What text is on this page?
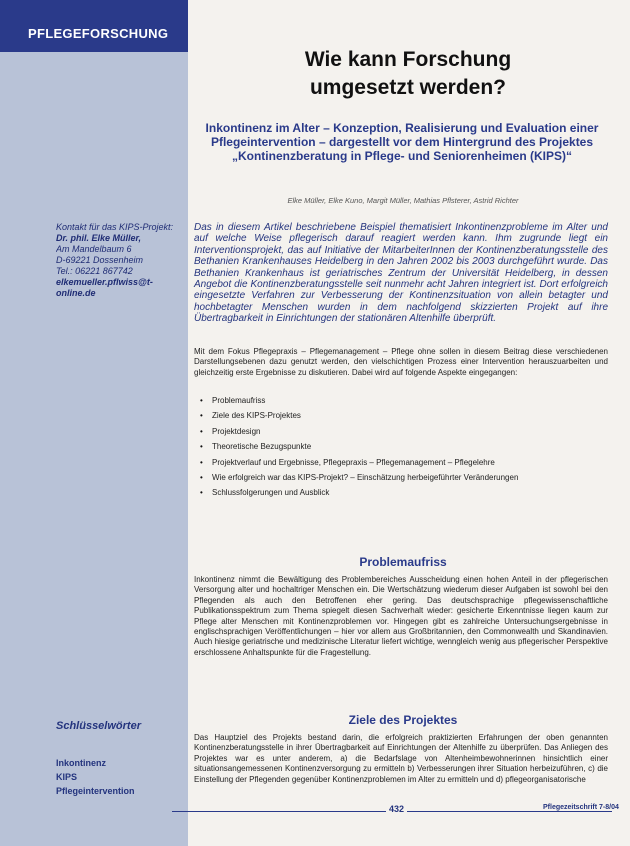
PFLEGEFORSCHUNG
Kontakt für das KIPS-Projekt:
Dr. phil. Elke Müller,
Am Mandelbaum 6
D-69221 Dossenheim
Tel.: 06221 867742
elkemueller.pflwiss@t-
online.de
Schlüsselwörter
Inkontinenz
KIPS
Pflegeintervention
Wie kann Forschung umgesetzt werden?
Inkontinenz im Alter – Konzeption, Realisierung und Evaluation einer Pflegeintervention – dargestellt vor dem Hintergrund des Projektes „Kontinenzberatung in Pflege- und Seniorenheimen (KIPS)“
Elke Müller, Elke Kuno, Margit Müller, Mathias Pflsterer, Astrid Richter
Das in diesem Artikel beschriebene Beispiel thematisiert Inkontinenzprobleme im Alter und auf welche Weise pflegerisch darauf reagiert werden kann. Ihm zugrunde liegt ein Interventionsprojekt, das auf Initiative der MitarbeiterInnen der Kontinenzberatungsstelle des Bethanien Krankenhauses Heidelberg in den Jahren 2002 bis 2003 durchgeführt wurde. Das Bethanien Krankenhaus ist geriatrisches Zentrum der Universität Heidelberg, in dessen Angebot die Kontinenzberatungsstelle seit nunmehr acht Jahren integriert ist. Dort erfolgreich eingesetzte Verfahren zur Verbesserung der Kontinenzsituation von allein betagter und hochbetagter Menschen wurden in dem nachfolgend skizzierten Projekt auf ihre Übertragbarkeit in Einrichtungen der stationären Altenhilfe überprüft.
Mit dem Fokus Pflegepraxis – Pflegemanagement – Pflege ohne sollen in diesem Beitrag diese verschiedenen Darstellungsebenen dazu genutzt werden, den vielschichtigen Prozess einer Intervention herauszuarbeiten und gleichzeitig erste Ergebnisse zu diskutieren. Dabei wird auf folgende Aspekte eingegangen:
• Problemaufriss
• Ziele des KIPS-Projektes
• Projektdesign
• Theoretische Bezugspunkte
• Projektverlauf und Ergebnisse, Pflegepraxis – Pflegemanagement – Pflegelehre
• Wie erfolgreich war das KIPS-Projekt? – Einschätzung herbeigeführter Veränderungen
• Schlussfolgerungen und Ausblick
Problemaufriss
Inkontinenz nimmt die Bewältigung des Problembereiches Ausscheidung einen hohen Anteil in der pflegerischen Versorgung alter und hochaltriger Menschen ein. Die Wertschätzung wiederum dieser Aufgaben ist sowohl bei den Pflegenden als auch den Betroffenen eher gering. Das deutschsprachige pflegewissenschaftliche Publikationsspektrum zum Thema spiegelt diesen Sachverhalt wieder: gesicherte Erkenntnisse liegen kaum zur Pflege alter Menschen mit Kontinenzproblemen vor. Hingegen gibt es zahlreiche Untersuchungsergebnisse in englischsprachigen Veröffentlichungen – hier vor allem aus Großbritannien, den Commonwealth und Skandinavien. Auch hiesige geriatrische und medizinische Literatur liefert wichtige, wenngleich wenig aus pflegerischer Perspektive erschlossene Anhaltspunkte für die Fragestellung.
Ziele des Projektes
Das Hauptziel des Projekts bestand darin, die erfolgreich praktizierten Erfahrungen der oben genannten Kontinenzberatungsstelle in ihrer Übertragbarkeit auf Einrichtungen der Altenhilfe zu überprüfen. Das Anliegen des Projektes war es unter anderem, a) die Bedarfslage von Altenheimbewohnerinnen hinsichtlich einer situationsangemessenen Kontinenzversorgung zu ermitteln b) Verbesserungen ihrer Situation herbeizuführen, c) die Einstellung der Pflegenden gegenüber Kontinenzproblemen im Alter zu ermitteln und d) pflegeorganisatorische
432	Pflegezeitschrift 7-8/04
